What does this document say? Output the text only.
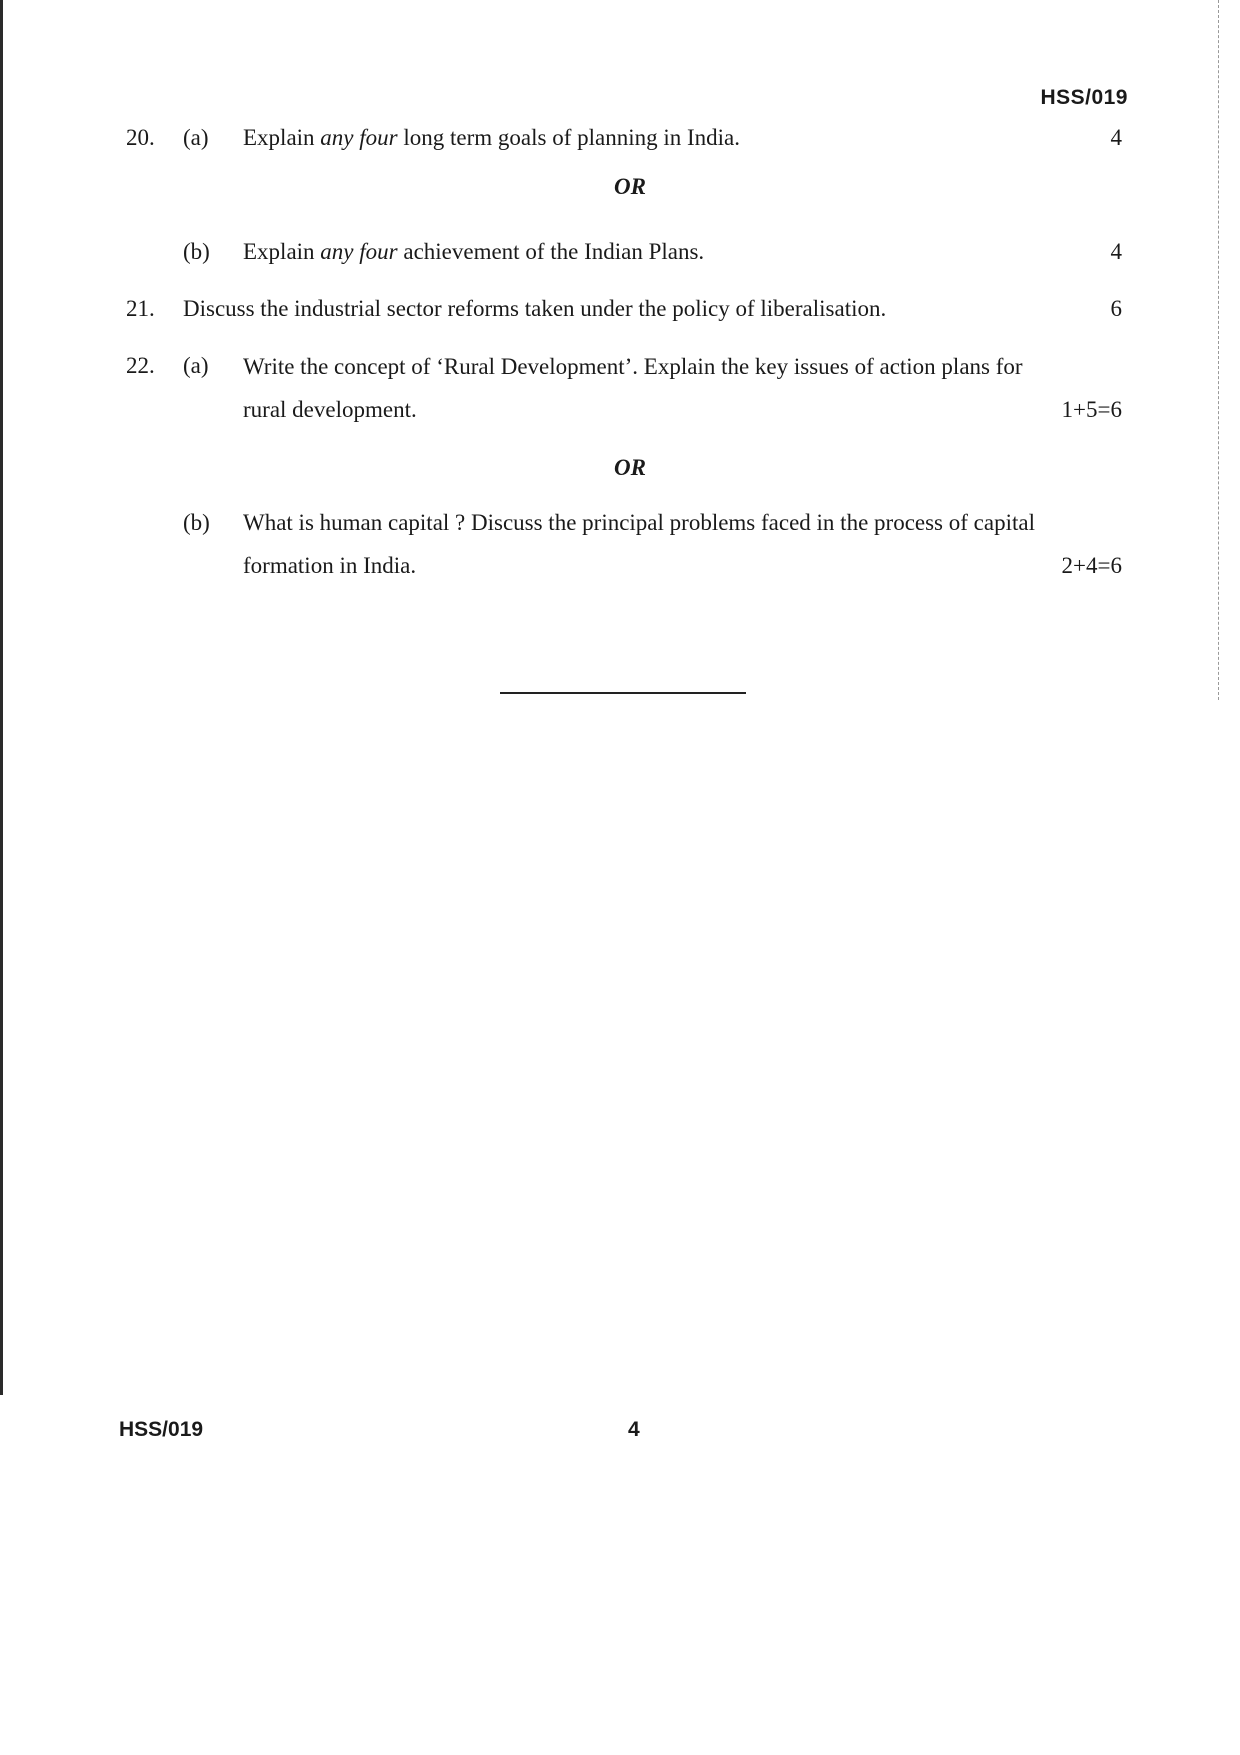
HSS/019
20.	(a)	Explain any four long term goals of planning in India.	4
OR
(b)	Explain any four achievement of the Indian Plans.	4
21.	Discuss the industrial sector reforms taken under the policy of liberalisation.	6
22.	(a)	Write the concept of ‘Rural Development’. Explain the key issues of action plans for
rural development.	1+5=6
OR
(b) What is human capital ? Discuss the principal problems faced in the process of capital
formation in India.	2+4=6
HSS/019	4
